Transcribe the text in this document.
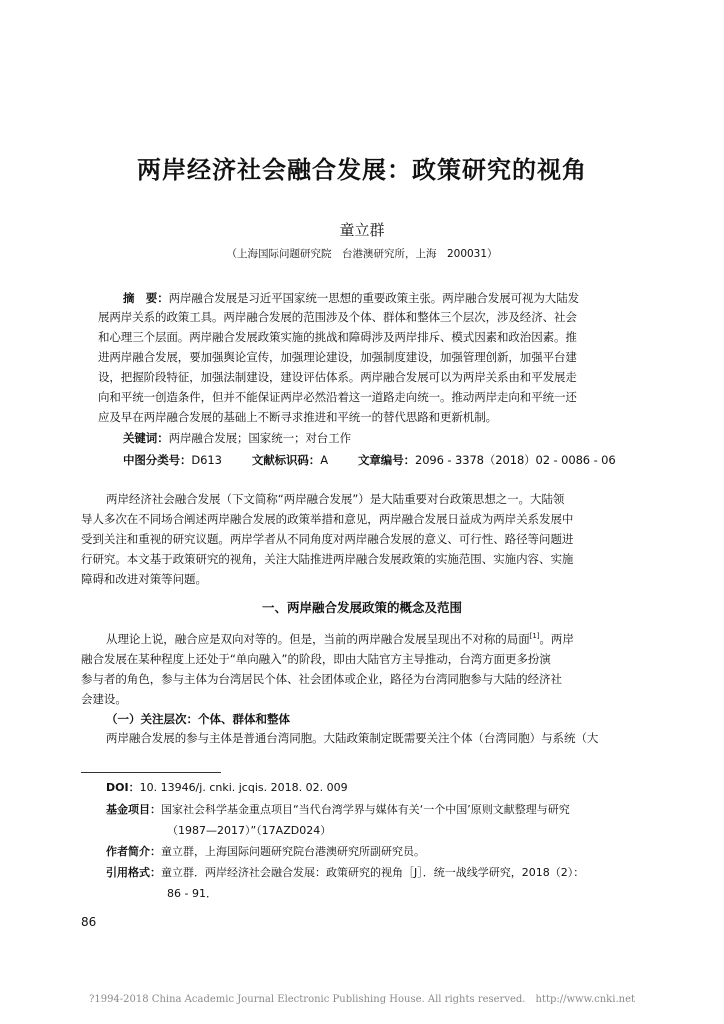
两岸经济社会融合发展：政策研究的视角
童立群
（上海国际问题研究院　台港澳研究所，上海　200031）
摘　要：两岸融合发展是习近平国家统一思想的重要政策主张。两岸融合发展可视为大陆发
展两岸关系的政策工具。两岸融合发展的范围涉及个体、群体和整体三个层次，涉及经济、社会
和心理三个层面。两岸融合发展政策实施的挑战和障碍涉及两岸排斥、模式因素和政治因素。推
进两岸融合发展，要加强舆论宣传，加强理论建设，加强制度建设，加强管理创新，加强平台建
设，把握阶段特征，加强法制建设，建设评估体系。两岸融合发展可以为两岸关系由和平发展走
向和平统一创造条件，但并不能保证两岸必然沿着这一道路走向统一。推动两岸走向和平统一还
应及早在两岸融合发展的基础上不断寻求推进和平统一的替代思路和更新机制。
关键词：两岸融合发展；国家统一；对台工作
中图分类号：D613	文献标识码：A	文章编号：2096 - 3378（2018）02 - 0086 - 06
两岸经济社会融合发展（下文简称“两岸融合发展”）是大陆重要对台政策思想之一。大陆领
导人多次在不同场合阐述两岸融合发展的政策举措和意见，两岸融合发展日益成为两岸关系发展中
受到关注和重视的研究议题。两岸学者从不同角度对两岸融合发展的意义、可行性、路径等问题进
行研究。本文基于政策研究的视角，关注大陆推进两岸融合发展政策的实施范围、实施内容、实施
障碍和改进对策等问题。
一、两岸融合发展政策的概念及范围
从理论上说，融合应是双向对等的。但是，当前的两岸融合发展呈现出不对称的局面[1]。两岸
融合发展在某种程度上还处于“单向融入”的阶段，即由大陆官方主导推动，台湾方面更多扮演
参与者的角色，参与主体为台湾居民个体、社会团体或企业，路径为台湾同胞参与大陆的经济社
会建设。
（一）关注层次：个体、群体和整体
两岸融合发展的参与主体是普通台湾同胞。大陆政策制定既需要关注个体（台湾同胞）与系统（大
DOI：10. 13946/j. cnki. jcqis. 2018. 02. 009
基金项目：国家社会科学基金重点项目“当代台湾学界与媒体有关‘一个中国’原则文献整理与研究
（1987—2017）”（17AZD024）
作者简介：童立群，上海国际问题研究院台港澳研究所副研究员。
引用格式：童立群．两岸经济社会融合发展：政策研究的视角［J］．统一战线学研究，2018（2）：
86 - 91．
86
?1994-2018 China Academic Journal Electronic Publishing House. All rights reserved.　http://www.cnki.net
